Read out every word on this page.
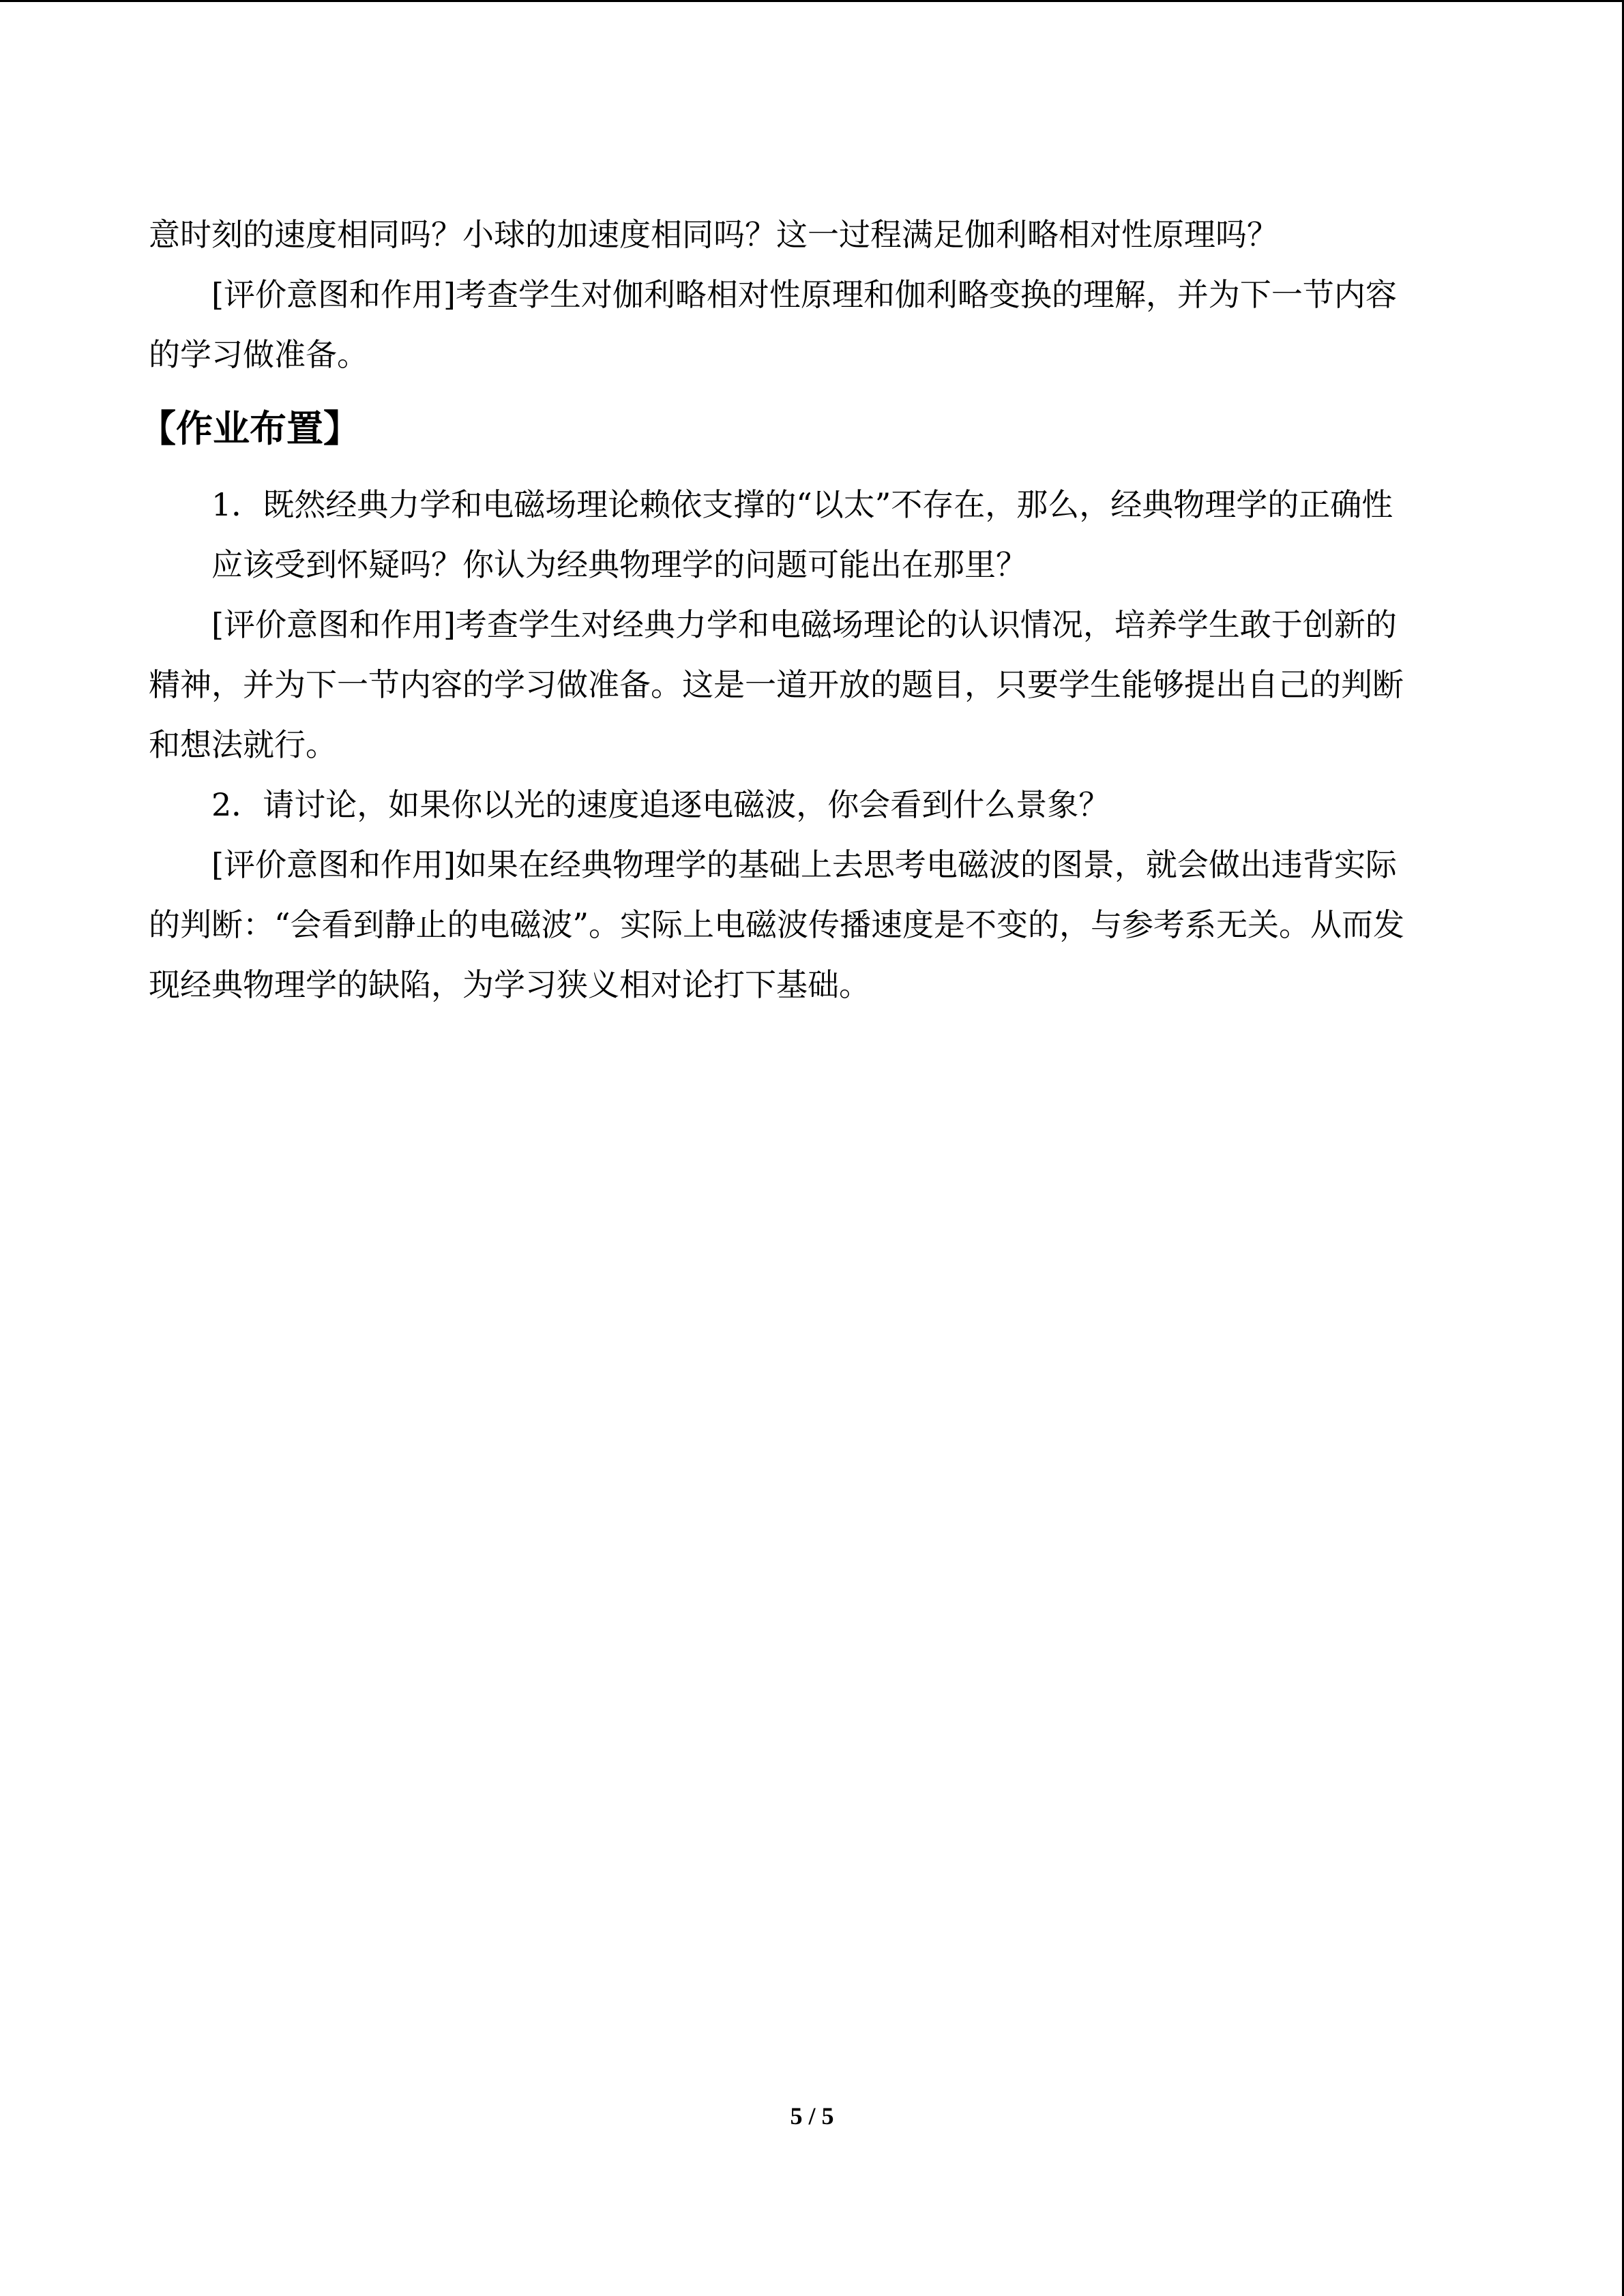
意时刻的速度相同吗？小球的加速度相同吗？这一过程满足伽利略相对性原理吗？

[评价意图和作用]考查学生对伽利略相对性原理和伽利略变换的理解，并为下一节内容

的学习做准备。

【作业布置】

1．既然经典力学和电磁场理论赖依支撑的“以太”不存在，那么，经典物理学的正确性

应该受到怀疑吗？你认为经典物理学的问题可能出在那里？

[评价意图和作用]考查学生对经典力学和电磁场理论的认识情况，培养学生敢于创新的

精神，并为下一节内容的学习做准备。这是一道开放的题目，只要学生能够提出自己的判断

和想法就行。

2．请讨论，如果你以光的速度追逐电磁波，你会看到什么景象？

[评价意图和作用]如果在经典物理学的基础上去思考电磁波的图景，就会做出违背实际

的判断：“会看到静止的电磁波”。实际上电磁波传播速度是不变的，与参考系无关。从而发

现经典物理学的缺陷，为学习狭义相对论打下基础。

5 / 5
